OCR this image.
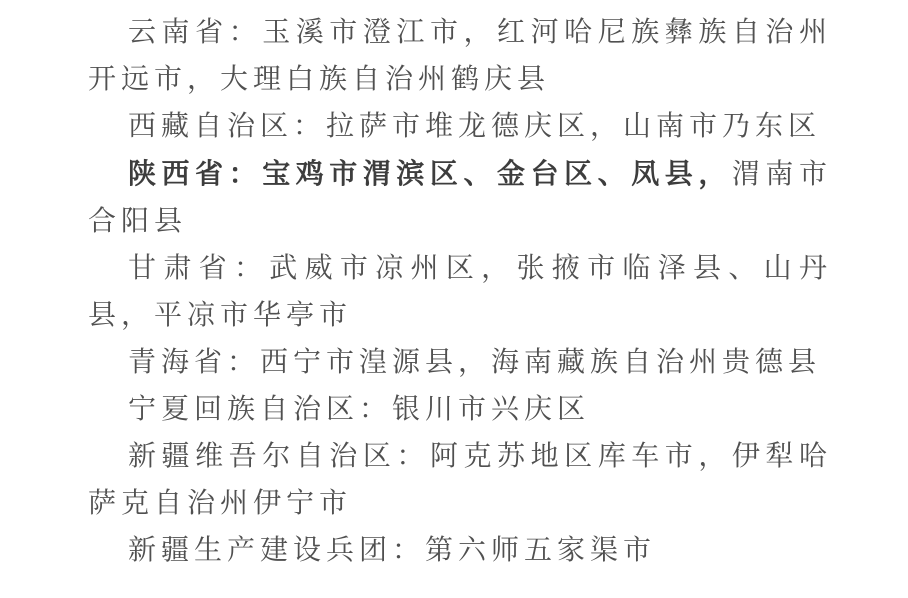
云南省：玉溪市澄江市，红河哈尼族彝族自治州开远市，大理白族自治州鹤庆县

西藏自治区：拉萨市堆龙德庆区，山南市乃东区

陕西省：宝鸡市渭滨区、金台区、凤县，渭南市合阳县

甘肃省：武威市凉州区，张掖市临泽县、山丹县，平凉市华亭市

青海省：西宁市湟源县，海南藏族自治州贵德县

宁夏回族自治区：银川市兴庆区

新疆维吾尔自治区：阿克苏地区库车市，伊犁哈萨克自治州伊宁市

新疆生产建设兵团：第六师五家渠市
